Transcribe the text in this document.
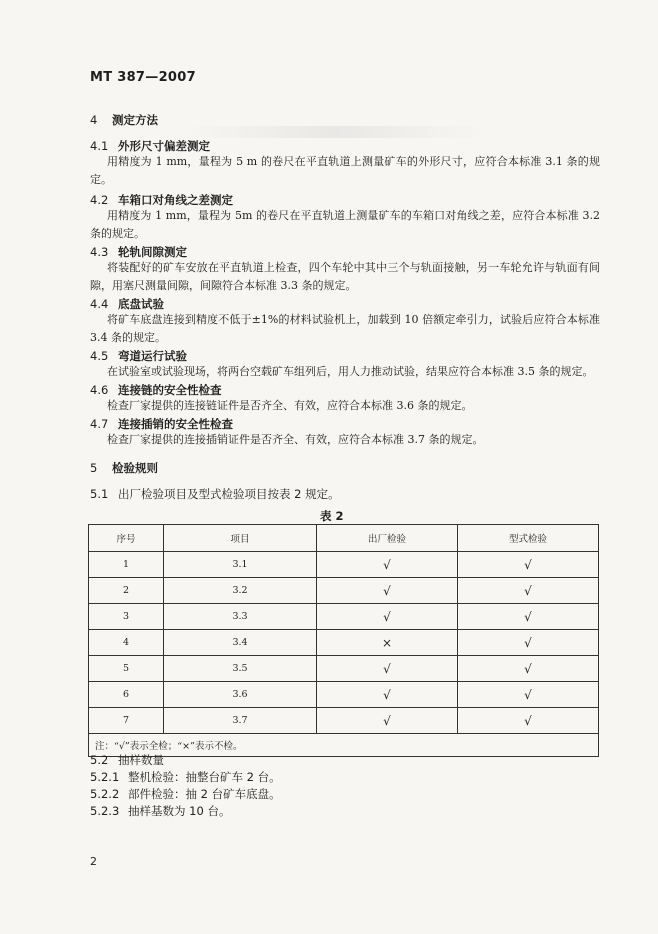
MT 387—2007
4 测定方法
4.1 外形尺寸偏差测定
用精度为 1 mm，量程为 5 m 的卷尺在平直轨道上测量矿车的外形尺寸，应符合本标准 3.1 条的规定。
4.2 车箱口对角线之差测定
用精度为 1 mm，量程为 5m 的卷尺在平直轨道上测量矿车的车箱口对角线之差，应符合本标准 3.2 条的规定。
4.3 轮轨间隙测定
将装配好的矿车安放在平直轨道上检查，四个车轮中其中三个与轨面接触，另一车轮允许与轨面有间隙，用塞尺测量间隙，间隙符合本标准 3.3 条的规定。
4.4 底盘试验
将矿车底盘连接到精度不低于±1%的材料试验机上，加载到 10 倍额定牵引力，试验后应符合本标准 3.4 条的规定。
4.5 弯道运行试验
在试验室或试验现场，将两台空载矿车组列后，用人力推动试验，结果应符合本标准 3.5 条的规定。
4.6 连接链的安全性检查
检查厂家提供的连接链证件是否齐全、有效，应符合本标准 3.6 条的规定。
4.7 连接插销的安全性检查
检查厂家提供的连接插销证件是否齐全、有效，应符合本标准 3.7 条的规定。
5 检验规则
5.1 出厂检验项目及型式检验项目按表 2 规定。
表 2
序号	项目	出厂检验	型式检验
1	3.1	√	√
2	3.2	√	√
3	3.3	√	√
4	3.4	×	√
5	3.5	√	√
6	3.6	√	√
7	3.7	√	√
注：“√”表示全检；“×”表示不检。			
5.2 抽样数量
5.2.1 整机检验：抽整台矿车 2 台。
5.2.2 部件检验：抽 2 台矿车底盘。
5.2.3 抽样基数为 10 台。
2
